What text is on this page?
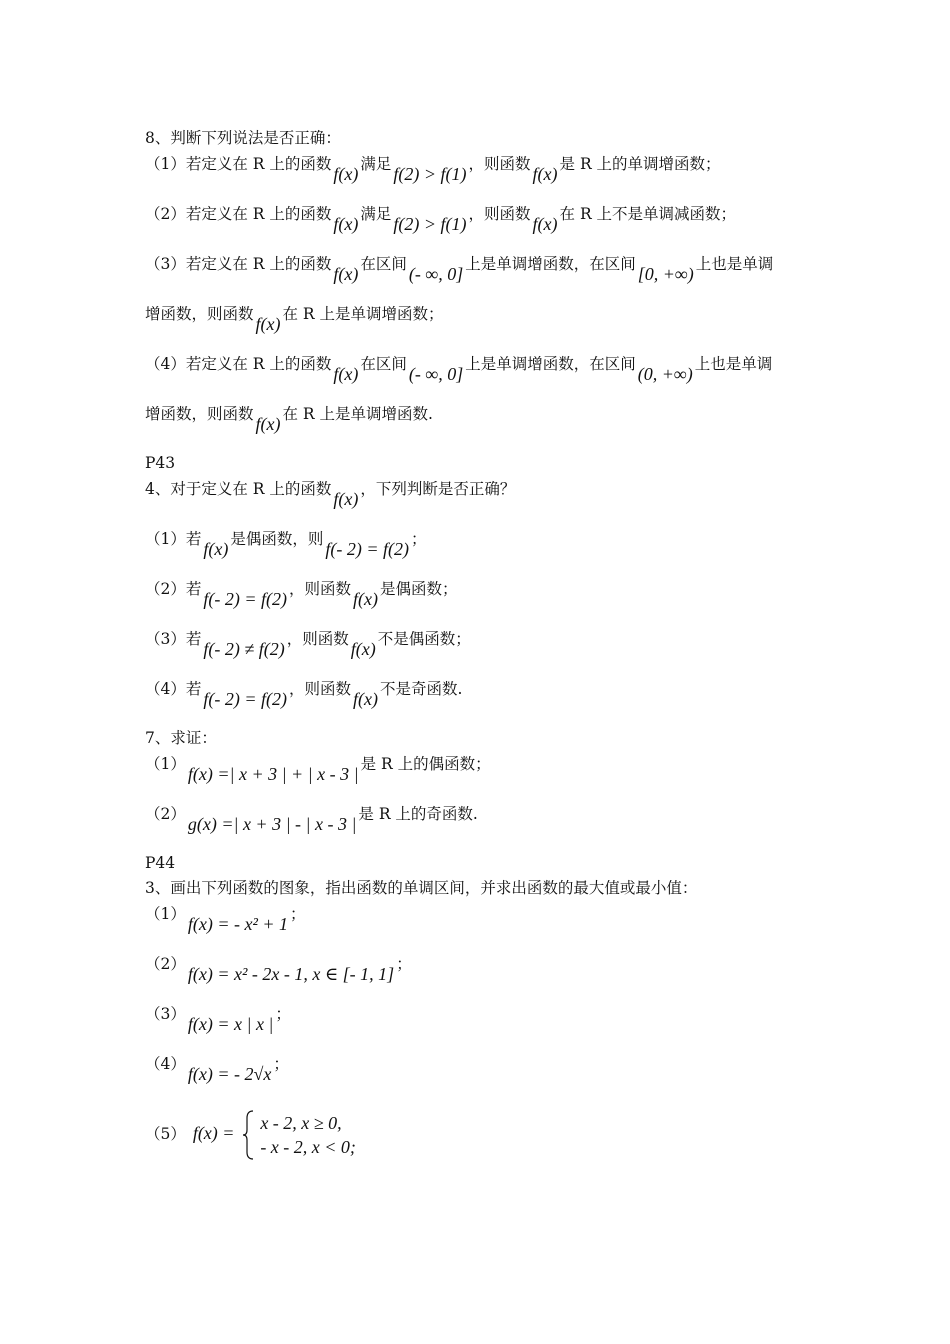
8、判断下列说法是否正确：
（1）若定义在 R 上的函数 f(x) 满足 f(2) > f(1) ，则函数 f(x) 是 R 上的单调增函数；
（2）若定义在 R 上的函数 f(x) 满足 f(2) > f(1) ，则函数 f(x) 在 R 上不是单调减函数；
（3）若定义在 R 上的函数 f(x) 在区间 (- ∞, 0] 上是单调增函数，在区间 [0, +∞) 上也是单调
增函数，则函数 f(x) 在 R 上是单调增函数；
（4）若定义在 R 上的函数 f(x) 在区间 (- ∞, 0] 上是单调增函数，在区间 (0, +∞) 上也是单调
增函数，则函数 f(x) 在 R 上是单调增函数.
P43
4、对于定义在 R 上的函数 f(x) ，下列判断是否正确？
（1）若 f(x) 是偶函数，则 f(- 2) = f(2) ；
（2）若 f(- 2) = f(2) ，则函数 f(x) 是偶函数；
（3）若 f(- 2) ≠ f(2) ，则函数 f(x) 不是偶函数；
（4）若 f(- 2) = f(2) ，则函数 f(x) 不是奇函数.
7、求证：
（1） f(x) =| x + 3 | + | x - 3 | 是 R 上的偶函数；
（2） g(x) =| x + 3 | - | x - 3 | 是 R 上的奇函数.
P44
3、画出下列函数的图象，指出函数的单调区间，并求出函数的最大值或最小值：
（1） f(x) = - x² + 1 ；
（2） f(x) = x² - 2x - 1, x ∈ [- 1, 1] ；
（3） f(x) = x | x | ；
（4） f(x) = - 2√x ；
（5） f(x) = x - 2, x ≥ 0,
- x - 2, x < 0;
